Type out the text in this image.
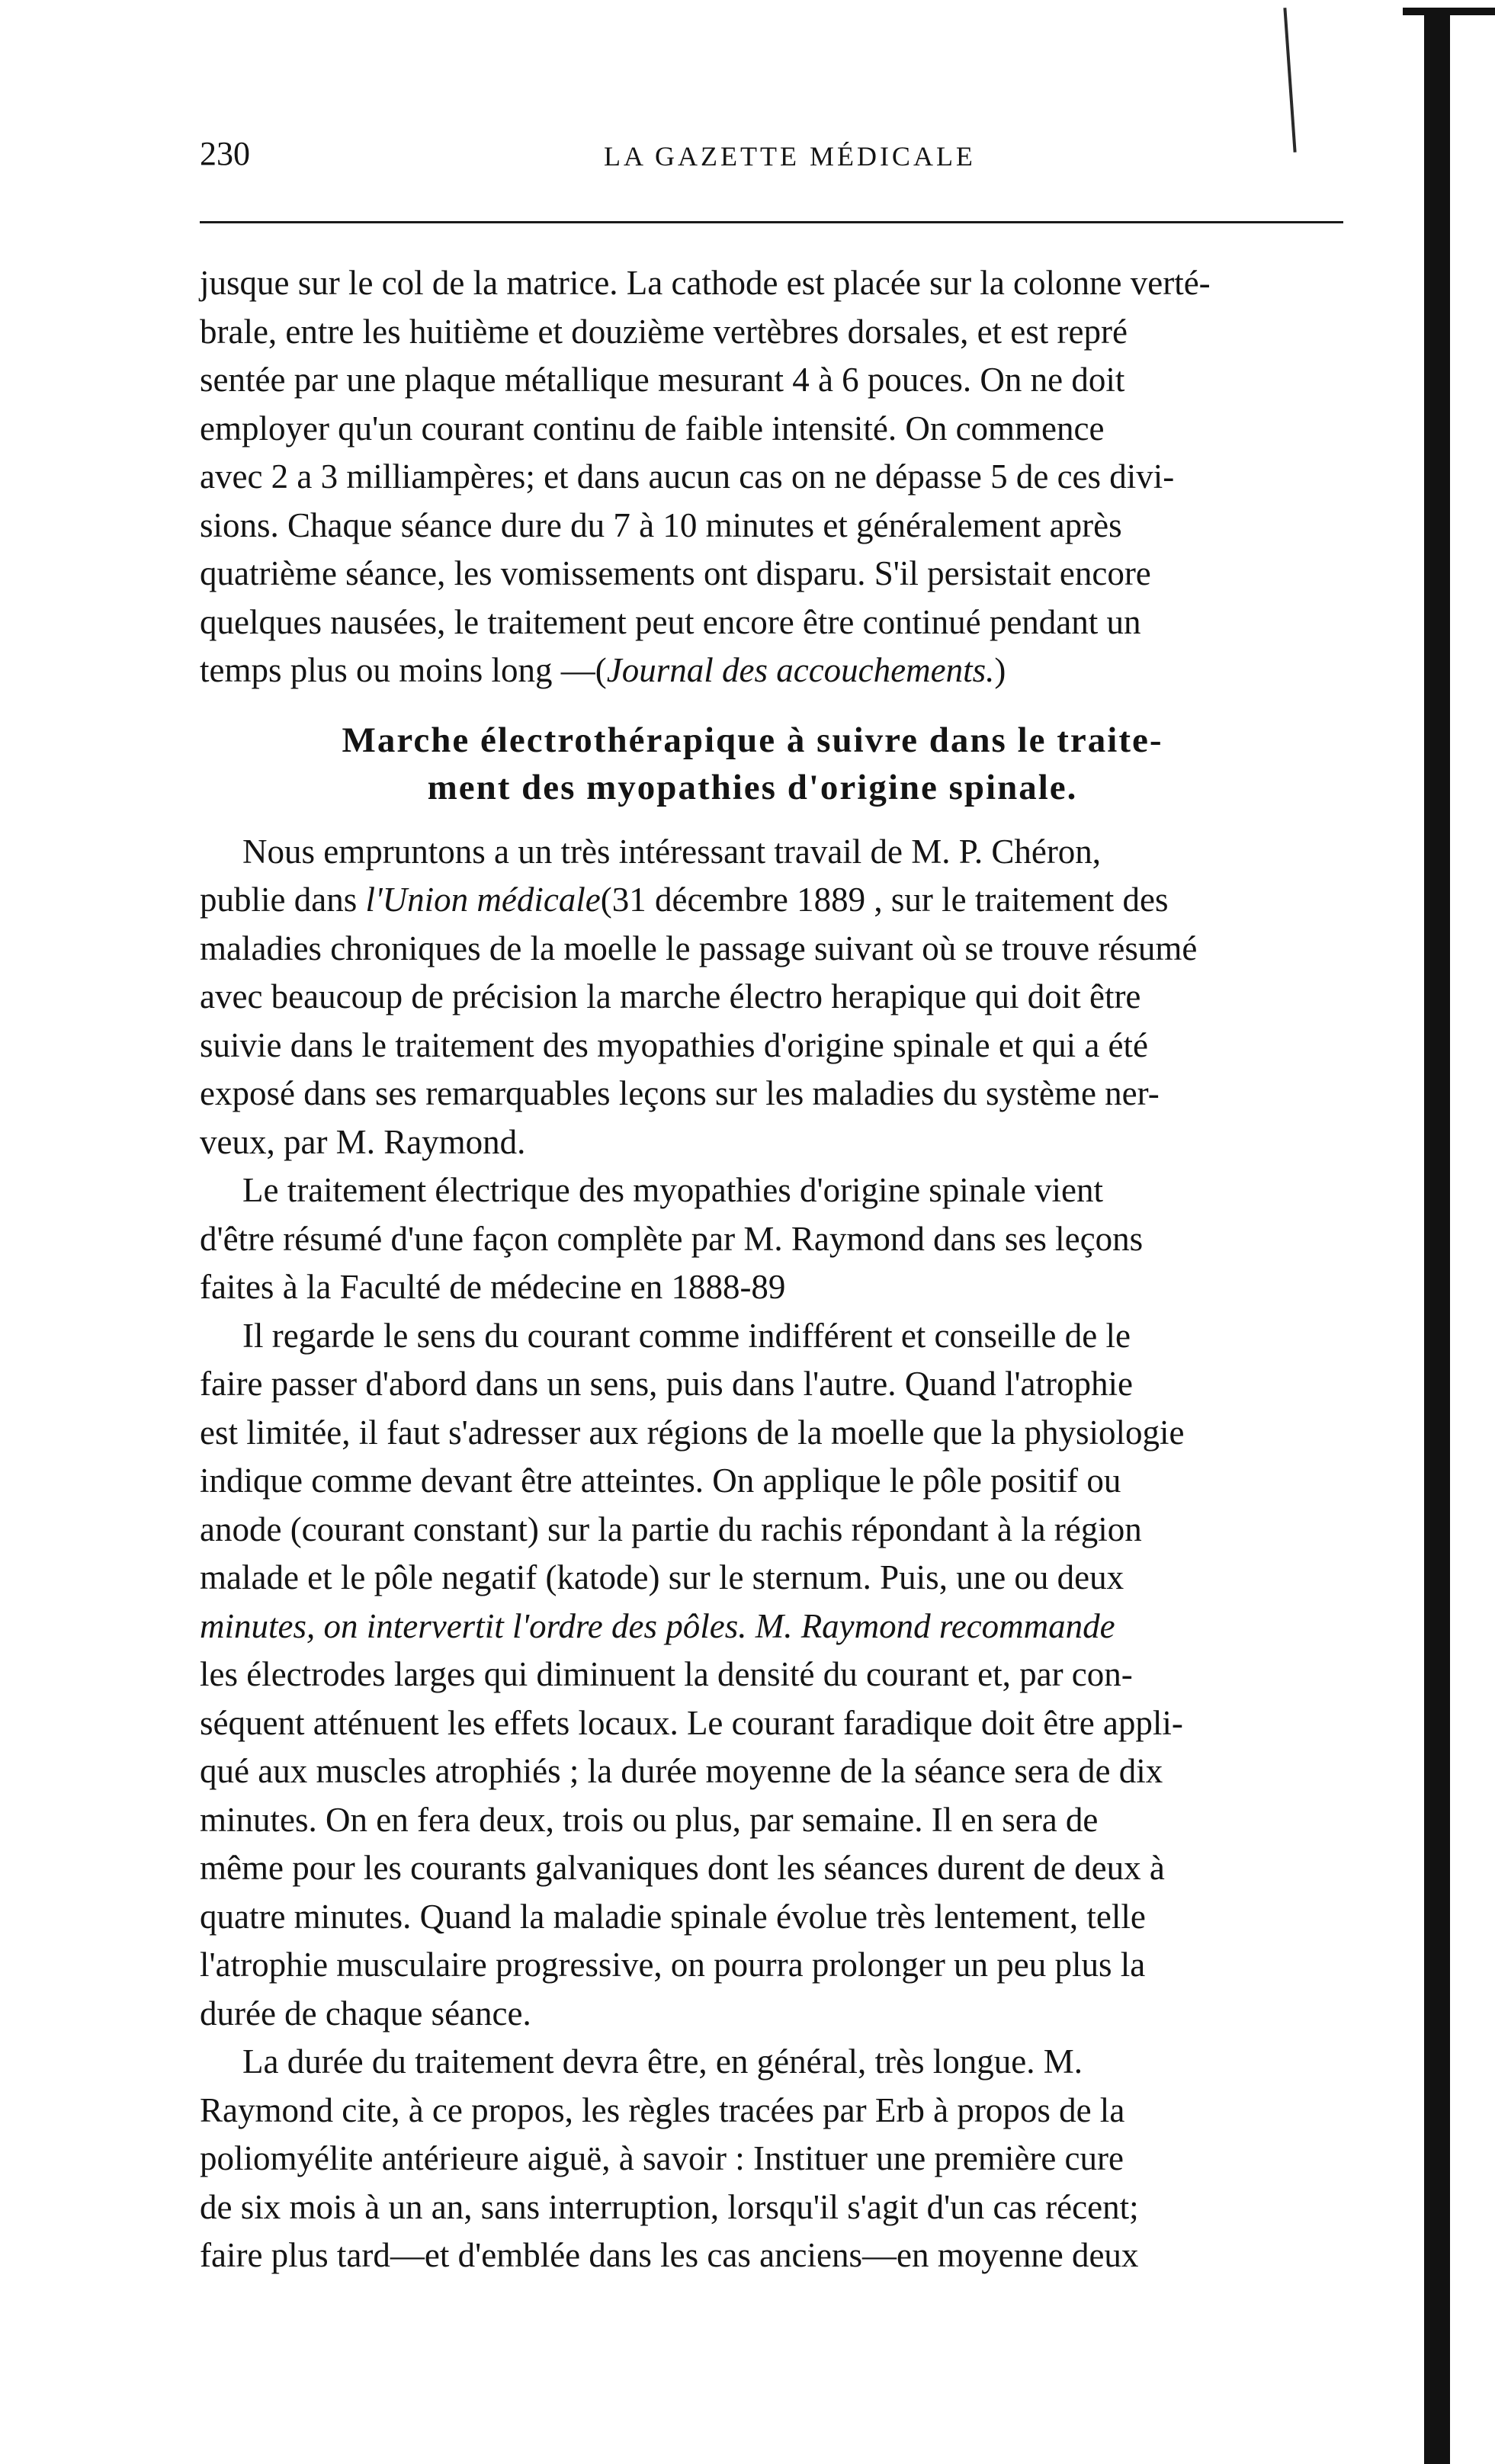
230	LA GAZETTE MÉDICALE
jusque sur le col de la matrice. La cathode est placée sur la colonne verté-
brale, entre les huitième et douzième vertèbres dorsales, et est repré
sentée par une plaque métallique mesurant 4 à 6 pouces. On ne doit
employer qu'un courant continu de faible intensité. On commence
avec 2 a 3 milliampères; et dans aucun cas on ne dépasse 5 de ces divi-
sions. Chaque séance dure du 7 à 10 minutes et généralement après
quatrième séance, les vomissements ont disparu. S'il persistait encore
quelques nausées, le traitement peut encore être continué pendant un
temps plus ou moins long —(Journal des accouchements.)
Marche électrothérapique à suivre dans le traite-
ment des myopathies d'origine spinale.
Nous empruntons a un très intéressant travail de M. P. Chéron,
publie dans l'Union médicale(31 décembre 1889 , sur le traitement des
maladies chroniques de la moelle le passage suivant où se trouve résumé
avec beaucoup de précision la marche électro herapique qui doit être
suivie dans le traitement des myopathies d'origine spinale et qui a été
exposé dans ses remarquables leçons sur les maladies du système ner-
veux, par M. Raymond.
Le traitement électrique des myopathies d'origine spinale vient
d'être résumé d'une façon complète par M. Raymond dans ses leçons
faites à la Faculté de médecine en 1888-89
Il regarde le sens du courant comme indifférent et conseille de le
faire passer d'abord dans un sens, puis dans l'autre. Quand l'atrophie
est limitée, il faut s'adresser aux régions de la moelle que la physiologie
indique comme devant être atteintes. On applique le pôle positif ou
anode (courant constant) sur la partie du rachis répondant à la région
malade et le pôle negatif (katode) sur le sternum. Puis, une ou deux
minutes, on intervertit l'ordre des pôles. M. Raymond recommande
les électrodes larges qui diminuent la densité du courant et, par con-
séquent atténuent les effets locaux. Le courant faradique doit être appli-
qué aux muscles atrophiés ; la durée moyenne de la séance sera de dix
minutes. On en fera deux, trois ou plus, par semaine. Il en sera de
même pour les courants galvaniques dont les séances durent de deux à
quatre minutes. Quand la maladie spinale évolue très lentement, telle
l'atrophie musculaire progressive, on pourra prolonger un peu plus la
durée de chaque séance.
La durée du traitement devra être, en général, très longue. M.
Raymond cite, à ce propos, les règles tracées par Erb à propos de la
poliomyélite antérieure aiguë, à savoir : Instituer une première cure
de six mois à un an, sans interruption, lorsqu'il s'agit d'un cas récent;
faire plus tard—et d'emblée dans les cas anciens—en moyenne deux
